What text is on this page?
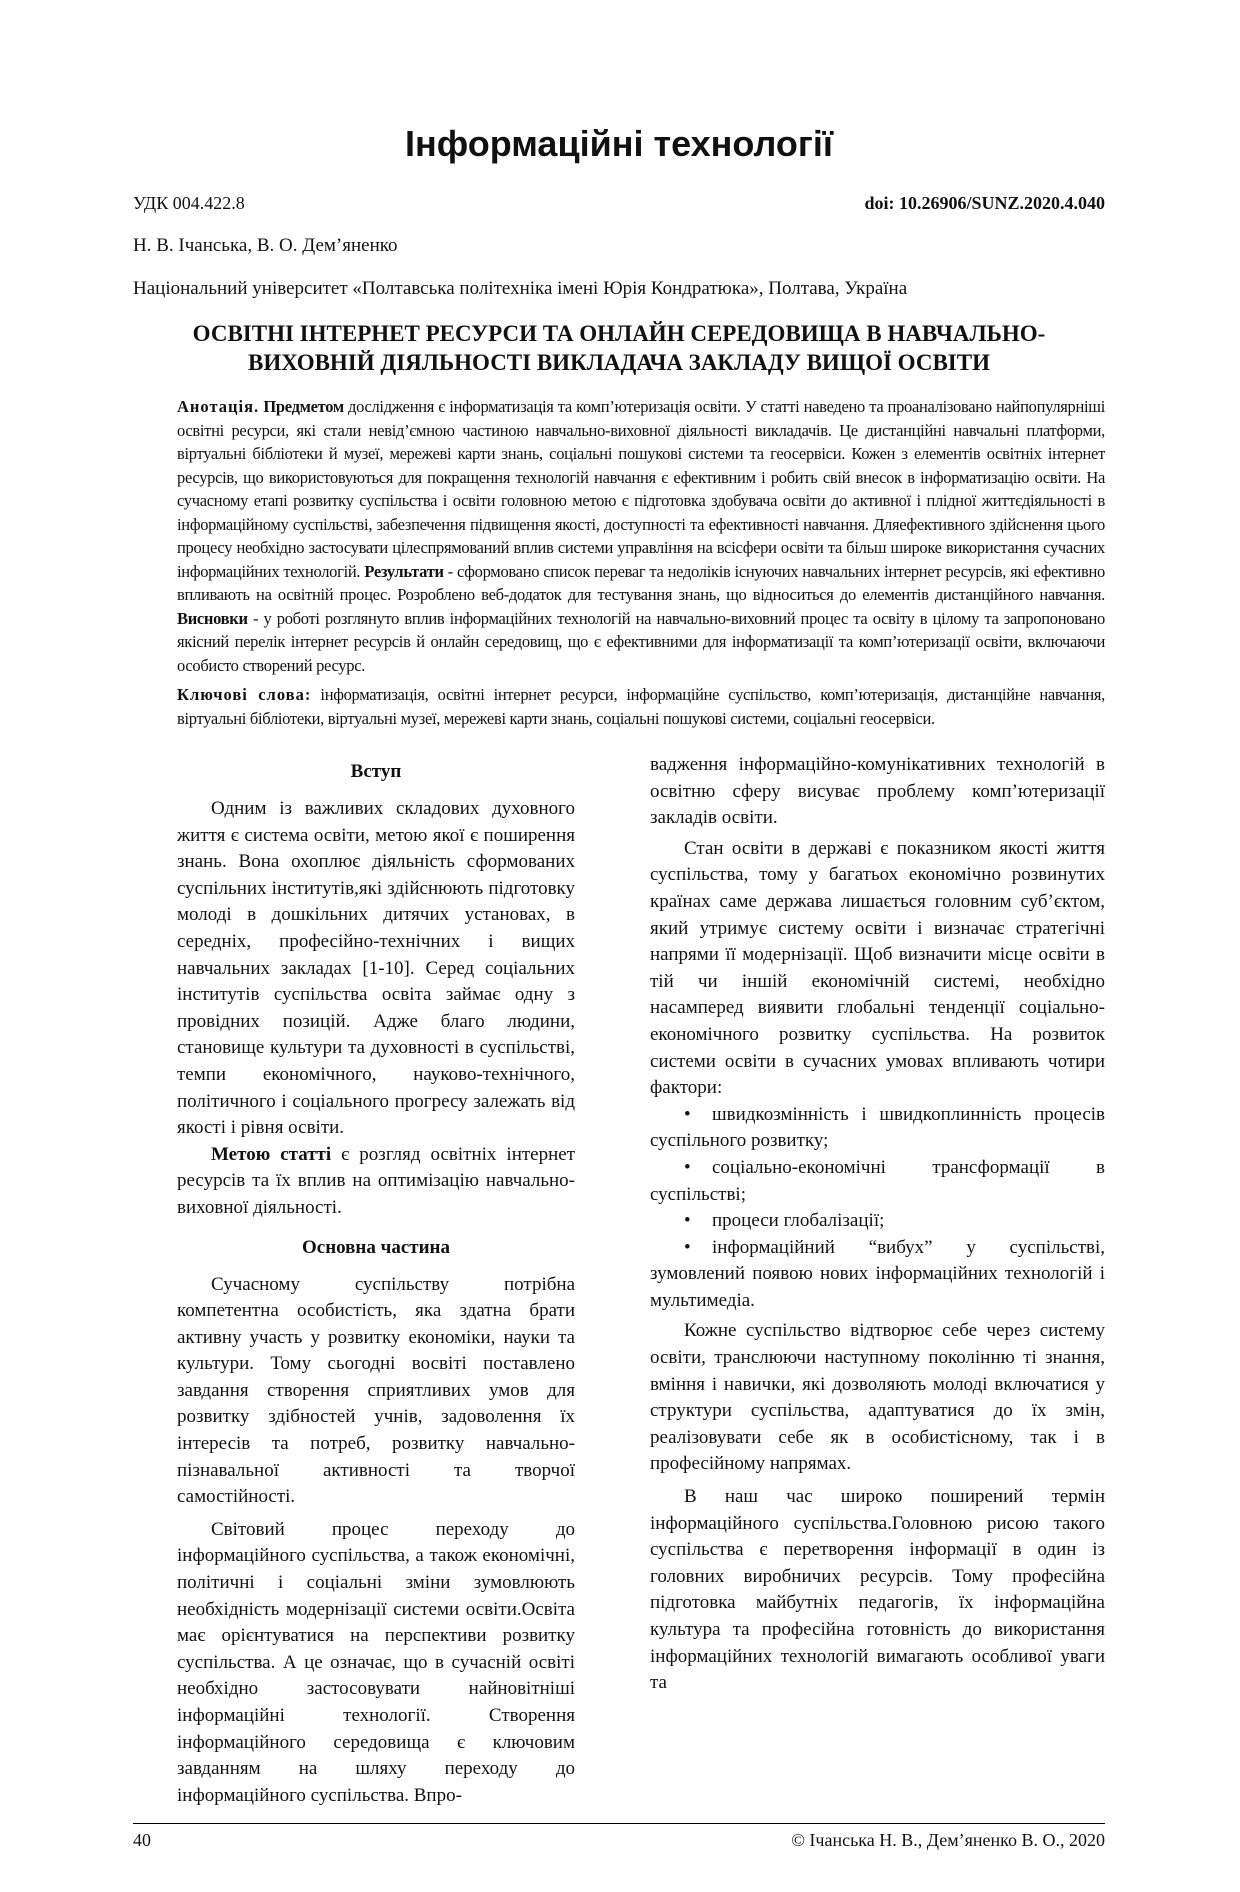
Інформаційні технології
УДК 004.422.8	doi: 10.26906/SUNZ.2020.4.040
Н. В. Ічанська, В. О. Дем’яненко
Національний університет «Полтавська політехніка імені Юрія Кондратюка», Полтава, Україна
ОСВІТНІ ІНТЕРНЕТ РЕСУРСИ ТА ОНЛАЙН СЕРЕДОВИЩА В НАВЧАЛЬНО-ВИХОВНІЙ ДІЯЛЬНОСТІ ВИКЛАДАЧА ЗАКЛАДУ ВИЩОЇ ОСВІТИ

Анотація. Предметом дослідження є інформатизація та комп’ютеризація освіти. У статті наведено та проаналізовано найпопулярніші освітні ресурси, які стали невід’ємною частиною навчально-виховної діяльності викладачів. Це дистанційні навчальні платформи, віртуальні бібліотеки й музеї, мережеві карти знань, соціальні пошукові системи та геосервіси. Кожен з елементів освітніх інтернет ресурсів, що використовуються для покращення технологій навчання є ефективним і робить свій внесок в інформатизацію освіти. На сучасному етапі розвитку суспільства і освіти головною метою є підготовка здобувача освіти до активної і плідної життєдіяльності в інформаційному суспільстві, забезпечення підвищення якості, доступності та ефективності навчання. Дляефективного здійснення цього процесу необхідно застосувати цілеспрямований вплив системи управління на всісфери освіти та більш широке використання сучасних інформаційних технологій. Результати - сформовано список переваг та недоліків існуючих навчальних інтернет ресурсів, які ефективно впливають на освітній процес. Розроблено веб-додаток для тестування знань, що відноситься до елементів дистанційного навчання. Висновки - у роботі розглянуто вплив інформаційних технологій на навчально-виховний процес та освіту в цілому та запропоновано якісний перелік інтернет ресурсів й онлайн середовищ, що є ефективними для інформатизації та комп’ютеризації освіти, включаючи особисто створений ресурс.

Ключові слова: інформатизація, освітні інтернет ресурси, інформаційне суспільство, комп’ютеризація, дистанційне навчання, віртуальні бібліотеки, віртуальні музеї, мережеві карти знань, соціальні пошукові системи, соціальні геосервіси.

Вступ

Одним із важливих складових духовного життя є система освіти, метою якої є поширення знань. Вона охоплює діяльність сформованих суспільних інститутів,які здійснюють підготовку молоді в дошкільних дитячих установах, в середніх, професійно-технічних і вищих навчальних закладах [1-10]. Серед соціальних інститутів суспільства освіта займає одну з провідних позицій. Адже благо людини, становище культури та духовності в суспільстві, темпи економічного, науково-технічного, політичного і соціального прогресу залежать від якості і рівня освіти.

Метою статті є розгляд освітніх інтернет ресурсів та їх вплив на оптимізацію навчально-виховної діяльності.

Основна частина

Сучасному суспільству потрібна компетентна особистість, яка здатна брати активну участь у розвитку економіки, науки та культури. Тому сьогодні восвіті поставлено завдання створення сприятливих умов для розвитку здібностей учнів, задоволення їх інтересів та потреб, розвитку навчально-пізнавальної активності та творчої самостійності.

Світовий процес переходу до інформаційного суспільства, а також економічні, політичні і соціальні зміни зумовлюють необхідність модернізації системи освіти.Освіта має орієнтуватися на перспективи розвитку суспільства. А це означає, що в сучасній освіті необхідно застосовувати найновітніші інформаційні технології. Створення інформаційного середовища є ключовим завданням на шляху переходу до інформаційного суспільства. Впро-

вадження інформаційно-комунікативних технологій в освітню сферу висуває проблему комп’ютеризації закладів освіти.

Стан освіти в державі є показником якості життя суспільства, тому у багатьох економічно розвинутих країнах саме держава лишається головним суб’єктом, який утримує систему освіти і визначає стратегічні напрями її модернізації. Щоб визначити місце освіти в тій чи іншій економічній системі, необхідно насамперед виявити глобальні тенденції соціально-економічного розвитку суспільства. На розвиток системи освіти в сучасних умовах впливають чотири фактори:

• швидкозмінність і швидкоплинність процесів суспільного розвитку;
• соціально-економічні трансформації в суспільстві;
• процеси глобалізації;
• інформаційний “вибух” у суспільстві, зумовлений появою нових інформаційних технологій і мультимедіа.

Кожне суспільство відтворює себе через систему освіти, транслюючи наступному поколінню ті знання, вміння і навички, які дозволяють молоді включатися у структури суспільства, адаптуватися до їх змін, реалізовувати себе як в особистісному, так і в професійному напрямах.

В наш час широко поширений термін інформаційного суспільства.Головною рисою такого суспільства є перетворення інформації в один із головних виробничих ресурсів. Тому професійна підготовка майбутніх педагогів, їх інформаційна культура та професійна готовність до використання інформаційних технологій вимагають особливої уваги та

40	© Ічанська Н. В., Дем’яненко В. О., 2020
